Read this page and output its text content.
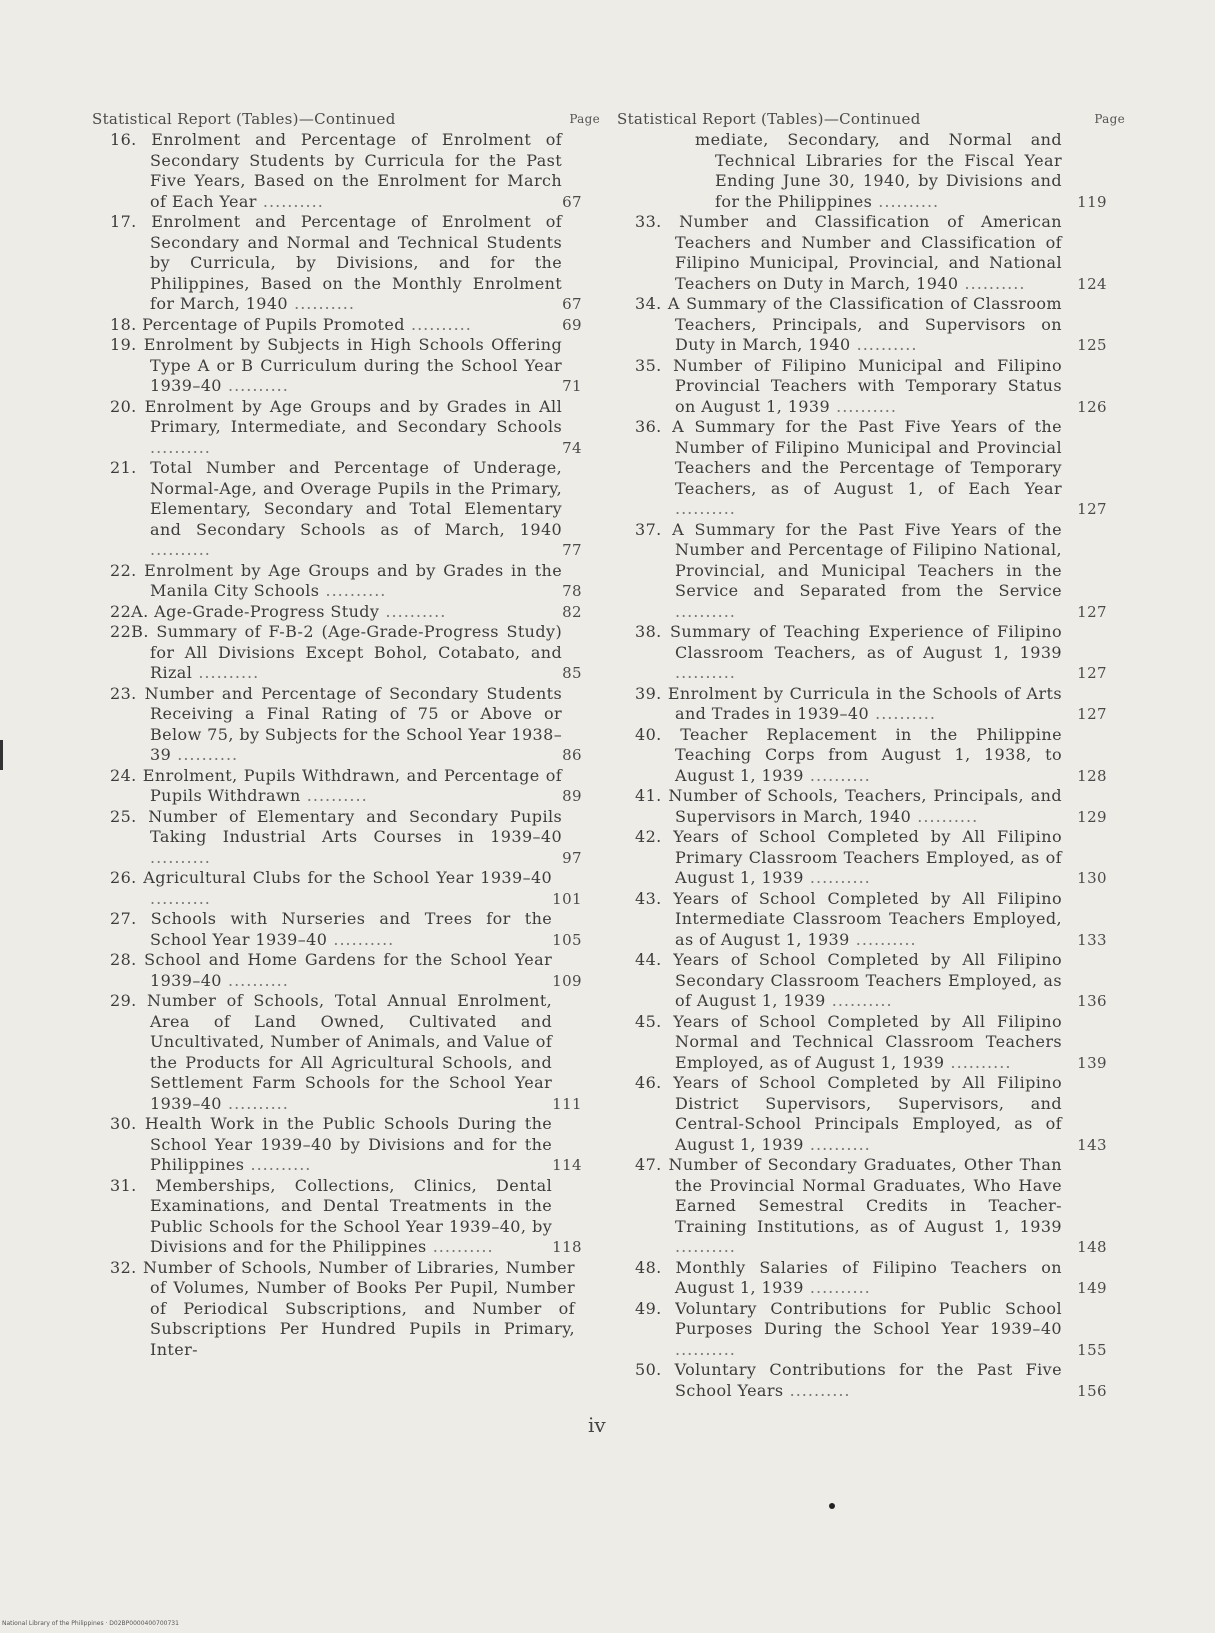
Statistical Report (Tables)—Continued	Page
16. Enrolment and Percentage of Enrolment of Secondary Students by Curricula for the Past Five Years, Based on the Enrolment for March of Each Year ..........	67
17. Enrolment and Percentage of Enrolment of Secondary and Normal and Technical Students by Curricula, by Divisions, and for the Philippines, Based on the Monthly Enrolment for March, 1940 ..........	67
18. Percentage of Pupils Promoted ..........	69
19. Enrolment by Subjects in High Schools Offering Type A or B Curriculum during the School Year 1939–40 ..........	71
20. Enrolment by Age Groups and by Grades in All Primary, Intermediate, and Secondary Schools ..........	74
21. Total Number and Percentage of Underage, Normal-Age, and Overage Pupils in the Primary, Elementary, Secondary and Total Elementary and Secondary Schools as of March, 1940 ..........	77
22. Enrolment by Age Groups and by Grades in the Manila City Schools ..........	78
22A. Age-Grade-Progress Study ..........	82
22B. Summary of F-B-2 (Age-Grade-Progress Study) for All Divisions Except Bohol, Cotabato, and Rizal ..........	85
23. Number and Percentage of Secondary Students Receiving a Final Rating of 75 or Above or Below 75, by Subjects for the School Year 1938–39 ..........	86
24. Enrolment, Pupils Withdrawn, and Percentage of Pupils Withdrawn ..........	89
25. Number of Elementary and Secondary Pupils Taking Industrial Arts Courses in 1939–40 ..........	97
26. Agricultural Clubs for the School Year 1939–40 ..........	101
27. Schools with Nurseries and Trees for the School Year 1939–40 ..........	105
28. School and Home Gardens for the School Year 1939–40 ..........	109
29. Number of Schools, Total Annual Enrolment, Area of Land Owned, Cultivated and Uncultivated, Number of Animals, and Value of the Products for All Agricultural Schools, and Settlement Farm Schools for the School Year 1939–40 ..........	111
30. Health Work in the Public Schools During the School Year 1939–40 by Divisions and for the Philippines ..........	114
31. Memberships, Collections, Clinics, Dental Examinations, and Dental Treatments in the Public Schools for the School Year 1939–40, by Divisions and for the Philippines ..........	118
32. Number of Schools, Number of Libraries, Number of Volumes, Number of Books Per Pupil, Number of Periodical Subscriptions, and Number of Subscriptions Per Hundred Pupils in Primary, Inter-
Statistical Report (Tables)—Continued	Page
mediate, Secondary, and Normal and Technical Libraries for the Fiscal Year Ending June 30, 1940, by Divisions and for the Philippines ..........	119
33. Number and Classification of American Teachers and Number and Classification of Filipino Municipal, Provincial, and National Teachers on Duty in March, 1940 ..........	124
34. A Summary of the Classification of Classroom Teachers, Principals, and Supervisors on Duty in March, 1940 ..........	125
35. Number of Filipino Municipal and Filipino Provincial Teachers with Temporary Status on August 1, 1939 ..........	126
36. A Summary for the Past Five Years of the Number of Filipino Municipal and Provincial Teachers and the Percentage of Temporary Teachers, as of August 1, of Each Year ..........	127
37. A Summary for the Past Five Years of the Number and Percentage of Filipino National, Provincial, and Municipal Teachers in the Service and Separated from the Service ..........	127
38. Summary of Teaching Experience of Filipino Classroom Teachers, as of August 1, 1939 ..........	127
39. Enrolment by Curricula in the Schools of Arts and Trades in 1939–40 ..........	127
40. Teacher Replacement in the Philippine Teaching Corps from August 1, 1938, to August 1, 1939 ..........	128
41. Number of Schools, Teachers, Principals, and Supervisors in March, 1940 ..........	129
42. Years of School Completed by All Filipino Primary Classroom Teachers Employed, as of August 1, 1939 ..........	130
43. Years of School Completed by All Filipino Intermediate Classroom Teachers Employed, as of August 1, 1939 ..........	133
44. Years of School Completed by All Filipino Secondary Classroom Teachers Employed, as of August 1, 1939 ..........	136
45. Years of School Completed by All Filipino Normal and Technical Classroom Teachers Employed, as of August 1, 1939 ..........	139
46. Years of School Completed by All Filipino District Supervisors, Supervisors, and Central-School Principals Employed, as of August 1, 1939 ..........	143
47. Number of Secondary Graduates, Other Than the Provincial Normal Graduates, Who Have Earned Semestral Credits in Teacher-Training Institutions, as of August 1, 1939 ..........	148
48. Monthly Salaries of Filipino Teachers on August 1, 1939 ..........	149
49. Voluntary Contributions for Public School Purposes During the School Year 1939–40 ..........	155
50. Voluntary Contributions for the Past Five School Years ..........	156
iv
National Library of the Philippines · D02BP0000400700731
